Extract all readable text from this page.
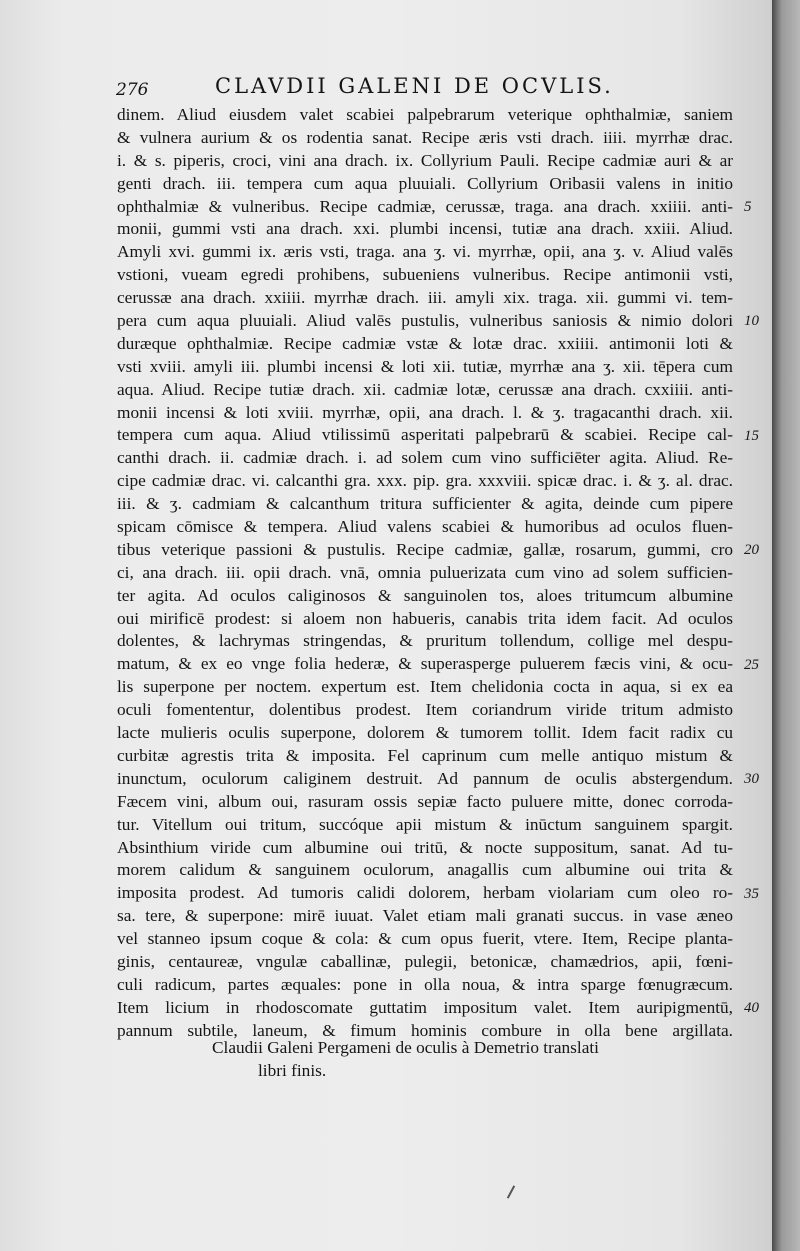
276	CLAVDII GALENI DE OCVLIS.
dinem. Aliud eiusdem valet scabiei palpebrarum veterique ophthalmiæ, saniem
& vulnera aurium & os rodentia sanat. Recipe æris vsti drach. iiii. myrrhæ drac.
i. & s. piperis, croci, vini ana drach. ix. Collyrium Pauli. Recipe cadmiæ auri & ar
genti drach. iii. tempera cum aqua pluuiali. Collyrium Oribasii valens in initio
ophthalmiæ & vulneribus. Recipe cadmiæ, cerussæ, traga. ana drach. xxiiii. anti-
monii, gummi vsti ana drach. xxi. plumbi incensi, tutiæ ana drach. xxiii. Aliud.
Amyli xvi. gummi ix. æris vsti, traga. ana ʒ. vi. myrrhæ, opii, ana ʒ. v. Aliud valēs
vstioni, vueam egredi prohibens, subueniens vulneribus. Recipe antimonii vsti,
cerussæ ana drach. xxiiii. myrrhæ drach. iii. amyli xix. traga. xii. gummi vi. tem-
pera cum aqua pluuiali. Aliud valēs pustulis, vulneribus saniosis & nimio dolori
duræque ophthalmiæ. Recipe cadmiæ vstæ & lotæ drac. xxiiii. antimonii loti &
vsti xviii. amyli iii. plumbi incensi & loti xii. tutiæ, myrrhæ ana ʒ. xii. tēpera cum
aqua. Aliud. Recipe tutiæ drach. xii. cadmiæ lotæ, cerussæ ana drach. cxxiiii. anti-
monii incensi & loti xviii. myrrhæ, opii, ana drach. l. & ʒ. tragacanthi drach. xii.
tempera cum aqua. Aliud vtilissimū asperitati palpebrarū & scabiei. Recipe cal-
canthi drach. ii. cadmiæ drach. i. ad solem cum vino sufficiēter agita. Aliud. Re-
cipe cadmiæ drac. vi. calcanthi gra. xxx. pip. gra. xxxviii. spicæ drac. i. & ʒ. al. drac.
iii. & ʒ. cadmiam & calcanthum tritura sufficienter & agita, deinde cum pipere
spicam cōmisce & tempera. Aliud valens scabiei & humoribus ad oculos fluen-
tibus veterique passioni & pustulis. Recipe cadmiæ, gallæ, rosarum, gummi, cro
ci, ana drach. iii. opii drach. vnā, omnia puluerizata cum vino ad solem sufficien-
ter agita. Ad oculos caliginosos & sanguinolen tos, aloes tritumcum albumine
oui mirificē prodest: si aloem non habueris, canabis trita idem facit. Ad oculos
dolentes, & lachrymas stringendas, & pruritum tollendum, collige mel despu-
matum, & ex eo vnge folia hederæ, & superasperge puluerem fæcis vini, & ocu-
lis superpone per noctem. expertum est. Item chelidonia cocta in aqua, si ex ea
oculi fomententur, dolentibus prodest. Item coriandrum viride tritum admisto
lacte mulieris oculis superpone, dolorem & tumorem tollit. Idem facit radix cu
curbitæ agrestis trita & imposita. Fel caprinum cum melle antiquo mistum &
inunctum, oculorum caliginem destruit. Ad pannum de oculis abstergendum.
Fæcem vini, album oui, rasuram ossis sepiæ facto puluere mitte, donec corroda-
tur. Vitellum oui tritum, succóque apii mistum & inūctum sanguinem spargit.
Absinthium viride cum albumine oui tritū, & nocte suppositum, sanat. Ad tu-
morem calidum & sanguinem oculorum, anagallis cum albumine oui trita &
imposita prodest. Ad tumoris calidi dolorem, herbam violariam cum oleo ro-
sa. tere, & superpone: mirē iuuat. Valet etiam mali granati succus. in vase æneo
vel stanneo ipsum coque & cola: & cum opus fuerit, vtere. Item, Recipe planta-
ginis, centaureæ, vngulæ caballinæ, pulegii, betonicæ, chamædrios, apii, fœni-
culi radicum, partes æquales: pone in olla noua, & intra sparge fœnugræcum.
Item licium in rhodoscomate guttatim impositum valet. Item auripigmentū,
pannum subtile, laneum, & fimum hominis combure in olla bene argillata.
5
10
15
20
25
30
35
40
Claudii Galeni Pergameni de oculis à Demetrio translati
libri finis.
